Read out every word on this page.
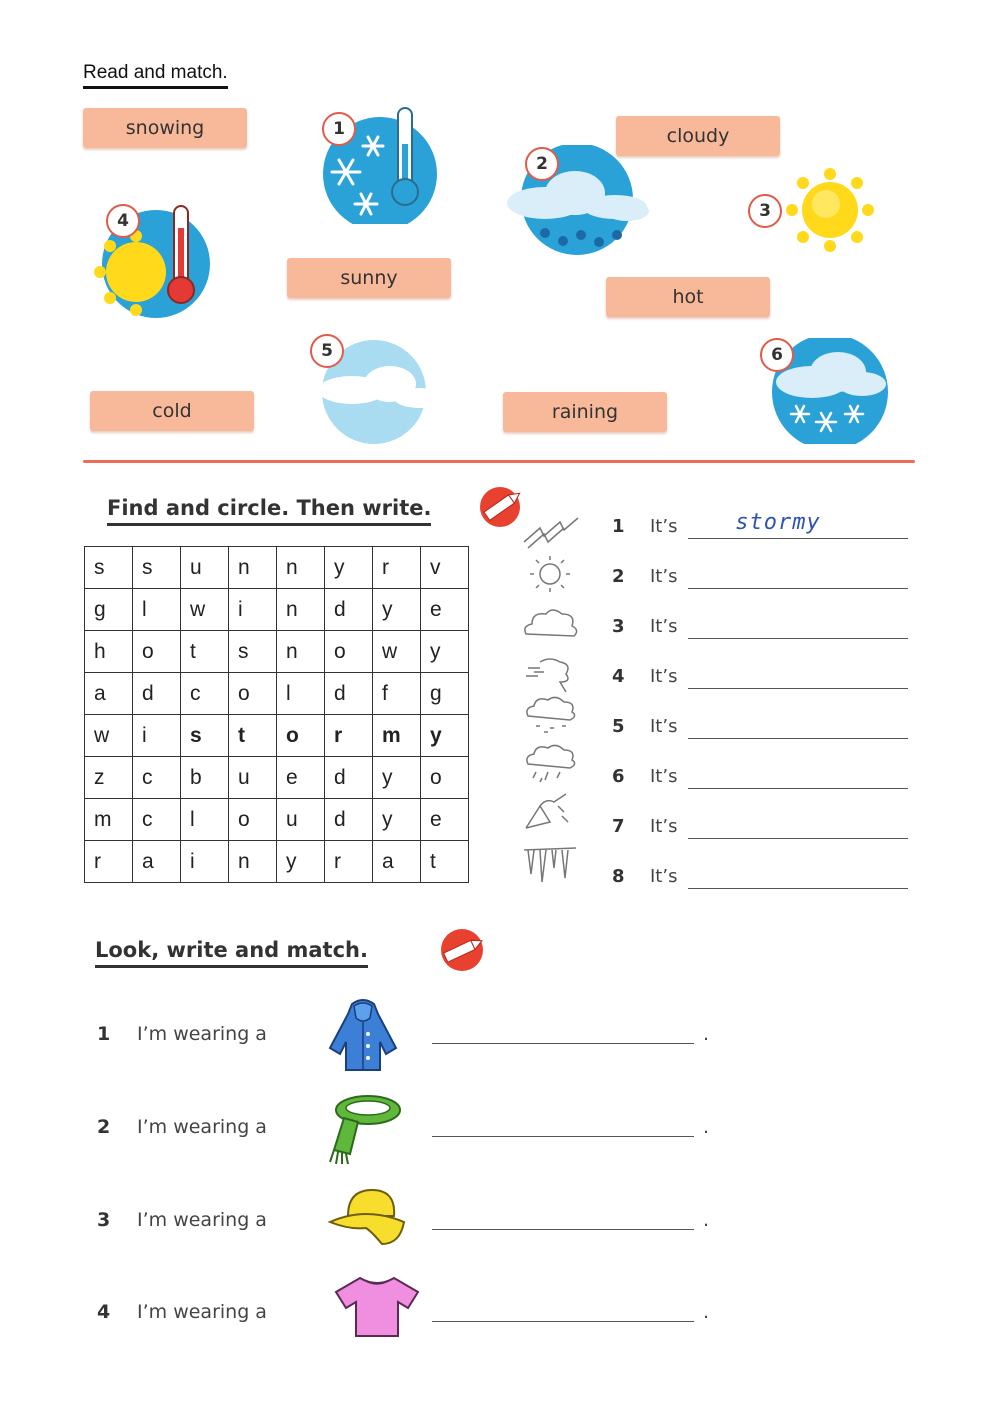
Read and match.
snowing	cloudy
sunny
hot
cold	raining
1
2
3
4
5	6
Find and circle. Then write.
s	s	u	n	n	y	r	v
g	l	w	i	n	d	y	e
h	o	t	s	n	o	w	y
a	d	c	o	l	d	f	g
w	i	s	t	o	r	m	y
z	c	b	u	e	d	y	o
m	c	l	o	u	d	y	e
r	a	i	n	y	r	a	t
1 It’s	stormy
2 It’s
3 It’s
4 It’s
5 It’s
6 It’s
7 It’s
8 It’s
Look, write and match.
1 I’m wearing a	.
2 I’m wearing a	.
3 I’m wearing a	.
4 I’m wearing a	.
